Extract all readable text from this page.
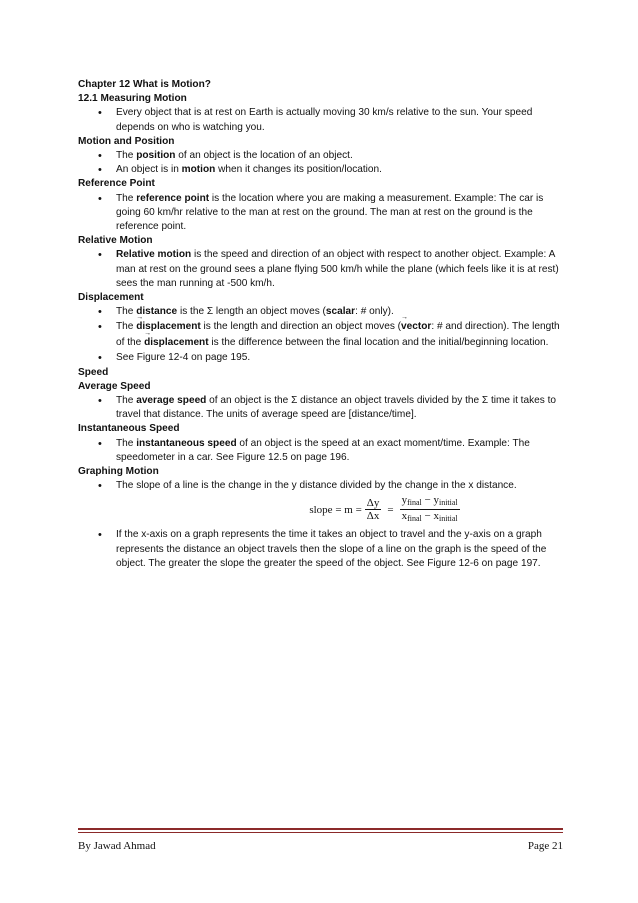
Chapter 12 What is Motion?

12.1 Measuring Motion

• Every object that is at rest on Earth is actually moving 30 km/s relative to the sun. Your speed depends on who is watching you.

Motion and Position

• The position of an object is the location of an object.
• An object is in motion when it changes its position/location.

Reference Point

• The reference point is the location where you are making a measurement. Example: The car is going 60 km/hr relative to the man at rest on the ground. The man at rest on the ground is the reference point.

Relative Motion

• Relative motion is the speed and direction of an object with respect to another object. Example: A man at rest on the ground sees a plane flying 500 km/h while the plane (which feels like it is at rest) sees the man running at -500 km/h.

Displacement

• The distance is the Σ length an object moves (scalar: # only).
• The d →isplacement is the length and direction an object moves (v →ector: # and direction). The length of the d →isplacement is the difference between the final location and the initial/beginning location.
• See Figure 12-4 on page 195.

Speed

Average Speed

• The average speed of an object is the Σ distance an object travels divided by the Σ time it takes to travel that distance. The units of average speed are [distance/time].

Instantaneous Speed

• The instantaneous speed of an object is the speed at an exact moment/time. Example: The speedometer in a car. See Figure 12.5 on page 196.

Graphing Motion

• The slope of a line is the change in the y distance divided by the change in the x distance.
slope = $m = \frac{\Delta y}{\Delta x} = \frac{y_{final} - y_{initial}}{x_{final} - x_{initial}}$
• If the x-axis on a graph represents the time it takes an object to travel and the y-axis on a graph represents the distance an object travels then the slope of a line on the graph is the speed of the object. The greater the slope the greater the speed of the object. See Figure 12-6 on page 197.
By Jawad Ahmad	Page 21
